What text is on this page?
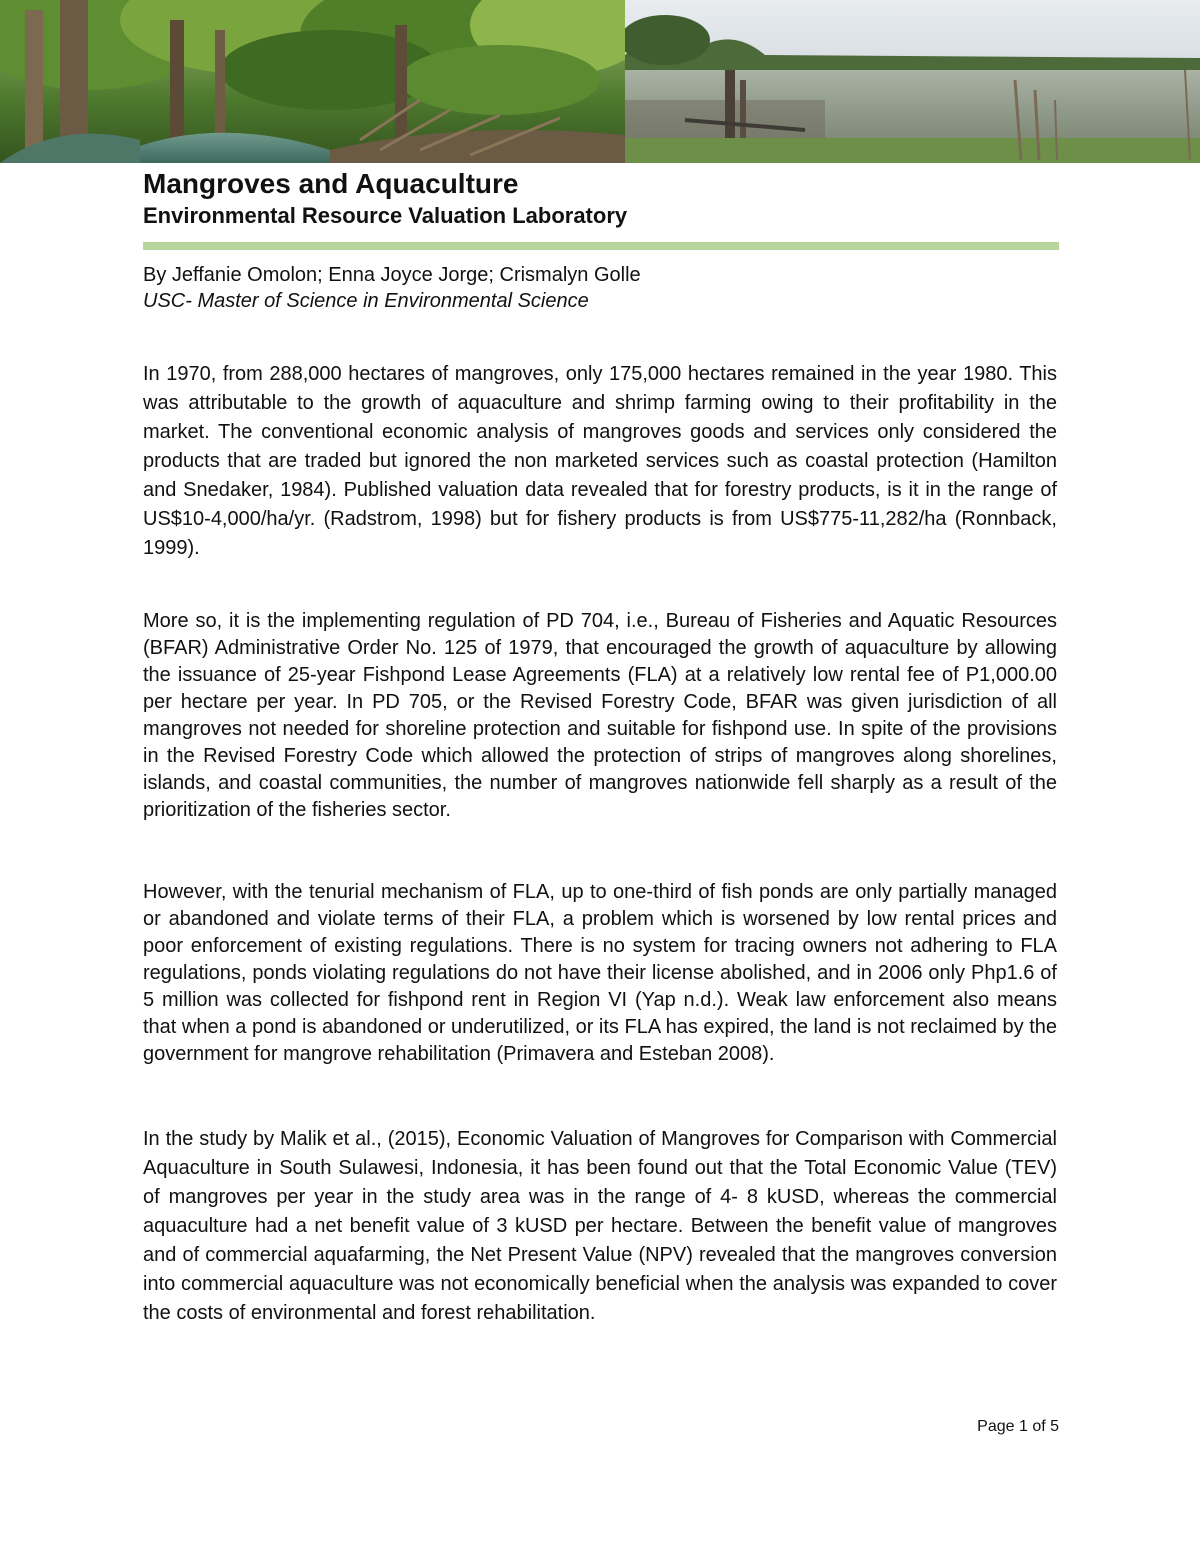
Mangroves and Aquaculture
Environmental Resource Valuation Laboratory
By Jeffanie Omolon; Enna Joyce Jorge; Crismalyn Golle
USC- Master of Science in Environmental Science

In 1970, from 288,000 hectares of mangroves, only 175,000 hectares remained in the year 1980. This was attributable to the growth of aquaculture and shrimp farming owing to their profitability in the market. The conventional economic analysis of mangroves goods and services only considered the products that are traded but ignored the non marketed services such as coastal protection (Hamilton and Snedaker, 1984). Published valuation data revealed that for forestry products, is it in the range of US$10-4,000/ha/yr. (Radstrom, 1998) but for fishery products is from US$775-11,282/ha (Ronnback, 1999).

More so, it is the implementing regulation of PD 704, i.e., Bureau of Fisheries and Aquatic Resources (BFAR) Administrative Order No. 125 of 1979, that encouraged the growth of aquaculture by allowing the issuance of 25-year Fishpond Lease Agreements (FLA) at a relatively low rental fee of P1,000.00 per hectare per year. In PD 705, or the Revised Forestry Code, BFAR was given jurisdiction of all mangroves not needed for shoreline protection and suitable for fishpond use. In spite of the provisions in the Revised Forestry Code which allowed the protection of strips of mangroves along shorelines, islands, and coastal communities, the number of mangroves nationwide fell sharply as a result of the prioritization of the fisheries sector.

However, with the tenurial mechanism of FLA, up to one-third of fish ponds are only partially managed or abandoned and violate terms of their FLA, a problem which is worsened by low rental prices and poor enforcement of existing regulations. There is no system for tracing owners not adhering to FLA regulations, ponds violating regulations do not have their license abolished, and in 2006 only Php1.6 of 5 million was collected for fishpond rent in Region VI (Yap n.d.). Weak law enforcement also means that when a pond is abandoned or underutilized, or its FLA has expired, the land is not reclaimed by the government for mangrove rehabilitation (Primavera and Esteban 2008).

In the study by Malik et al., (2015), Economic Valuation of Mangroves for Comparison with Commercial Aquaculture in South Sulawesi, Indonesia, it has been found out that the Total Economic Value (TEV) of mangroves per year in the study area was in the range of 4- 8 kUSD, whereas the commercial aquaculture had a net benefit value of 3 kUSD per hectare. Between the benefit value of mangroves and of commercial aquafarming, the Net Present Value (NPV) revealed that the mangroves conversion into commercial aquaculture was not economically beneficial when the analysis was expanded to cover the costs of environmental and forest rehabilitation.

Page 1 of 5
